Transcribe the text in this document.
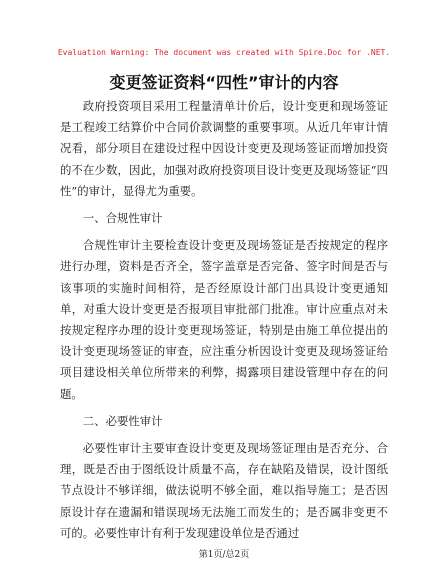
Evaluation Warning: The document was created with Spire.Doc for .NET.
变更签证资料“四性”审计的内容

政府投资项目采用工程量清单计价后，设计变更和现场签证是工程竣工结算价中合同价款调整的重要事项。从近几年审计情况看，部分项目在建设过程中因设计变更及现场签证而增加投资的不在少数，因此，加强对政府投资项目设计变更及现场签证“四性”的审计，显得尤为重要。

一、合规性审计

合规性审计主要检查设计变更及现场签证是否按规定的程序进行办理，资料是否齐全，签字盖章是否完备、签字时间是否与该事项的实施时间相符，是否经原设计部门出具设计变更通知单，对重大设计变更是否报项目审批部门批准。审计应重点对未按规定程序办理的设计变更现场签证，特别是由施工单位提出的设计变更现场签证的审查，应注重分析因设计变更及现场签证给项目建设相关单位所带来的利弊，揭露项目建设管理中存在的问题。

二、必要性审计

必要性审计主要审查设计变更及现场签证理由是否充分、合理，既是否由于图纸设计质量不高，存在缺陷及错误，设计图纸节点设计不够详细，做法说明不够全面，难以指导施工；是否因原设计存在遗漏和错误现场无法施工而发生的；是否属非变更不可的。必要性审计有利于发现建设单位是否通过

第1页/总2页
